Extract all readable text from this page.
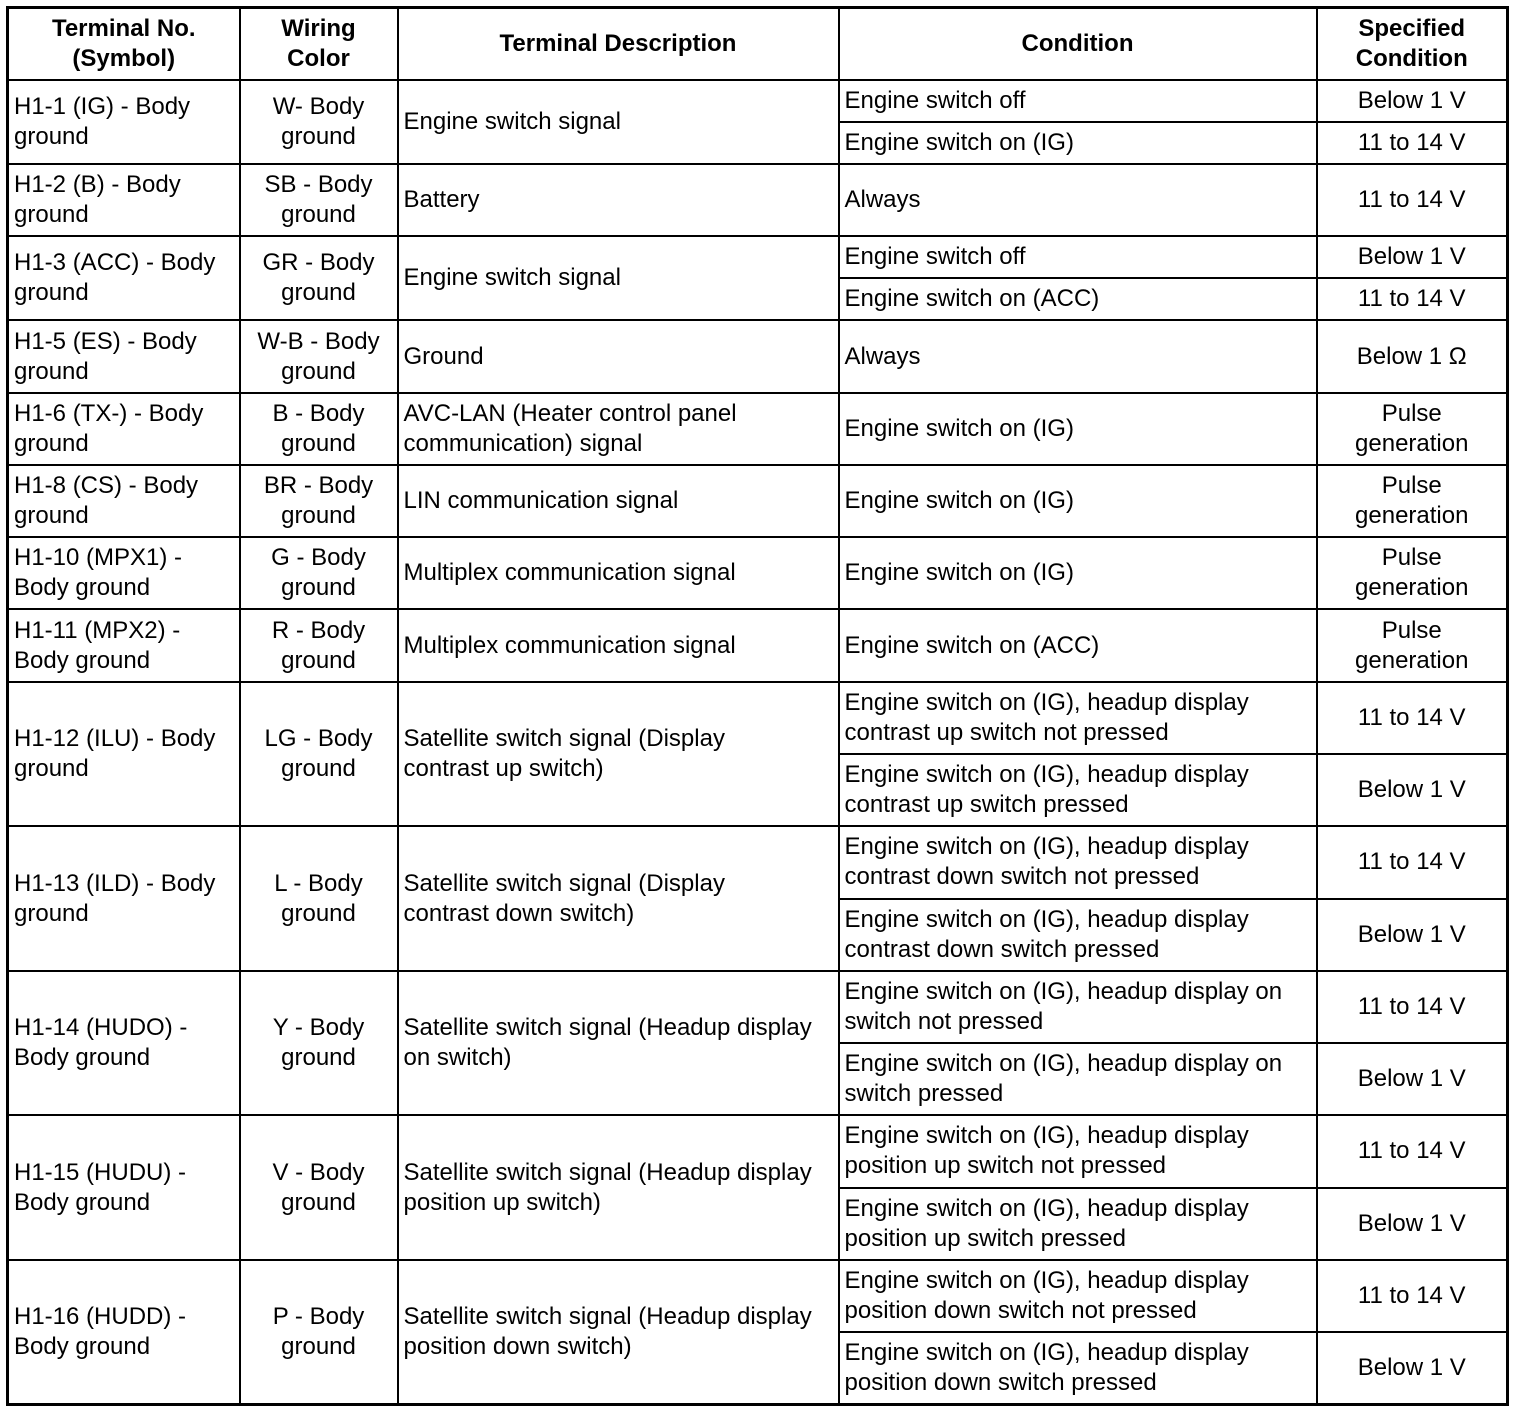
Terminal No.
(Symbol)	Wiring
Color	Terminal Description	Condition	Specified
Condition
H1-1 (IG) - Body
ground	W- Body
ground	Engine switch signal	Engine switch off	Below 1 V
			Engine switch on (IG)	11 to 14 V
H1-2 (B) - Body
ground	SB - Body
ground	Battery	Always	11 to 14 V
H1-3 (ACC) - Body
ground	GR - Body
ground	Engine switch signal	Engine switch off	Below 1 V
			Engine switch on (ACC)	11 to 14 V
H1-5 (ES) - Body
ground	W-B - Body
ground	Ground	Always	Below 1 Ω
H1-6 (TX-) - Body
ground	B - Body
ground	AVC-LAN (Heater control panel
communication) signal	Engine switch on (IG)	Pulse
generation
H1-8 (CS) - Body
ground	BR - Body
ground	LIN communication signal	Engine switch on (IG)	Pulse
generation
H1-10 (MPX1) -
Body ground	G - Body
ground	Multiplex communication signal	Engine switch on (IG)	Pulse
generation
H1-11 (MPX2) -
Body ground	R - Body
ground	Multiplex communication signal	Engine switch on (ACC)	Pulse
generation
H1-12 (ILU) - Body
ground	LG - Body
ground	Satellite switch signal (Display
contrast up switch)	Engine switch on (IG), headup display
contrast up switch not pressed	11 to 14 V
			Engine switch on (IG), headup display
contrast up switch pressed	Below 1 V
H1-13 (ILD) - Body
ground	L - Body
ground	Satellite switch signal (Display
contrast down switch)	Engine switch on (IG), headup display
contrast down switch not pressed	11 to 14 V
			Engine switch on (IG), headup display
contrast down switch pressed	Below 1 V
H1-14 (HUDO) -
Body ground	Y - Body
ground	Satellite switch signal (Headup display
on switch)	Engine switch on (IG), headup display on
switch not pressed	11 to 14 V
			Engine switch on (IG), headup display on
switch pressed	Below 1 V
H1-15 (HUDU) -
Body ground	V - Body
ground	Satellite switch signal (Headup display
position up switch)	Engine switch on (IG), headup display
position up switch not pressed	11 to 14 V
			Engine switch on (IG), headup display
position up switch pressed	Below 1 V
H1-16 (HUDD) -
Body ground	P - Body
ground	Satellite switch signal (Headup display
position down switch)	Engine switch on (IG), headup display
position down switch not pressed	11 to 14 V
			Engine switch on (IG), headup display
position down switch pressed	Below 1 V
